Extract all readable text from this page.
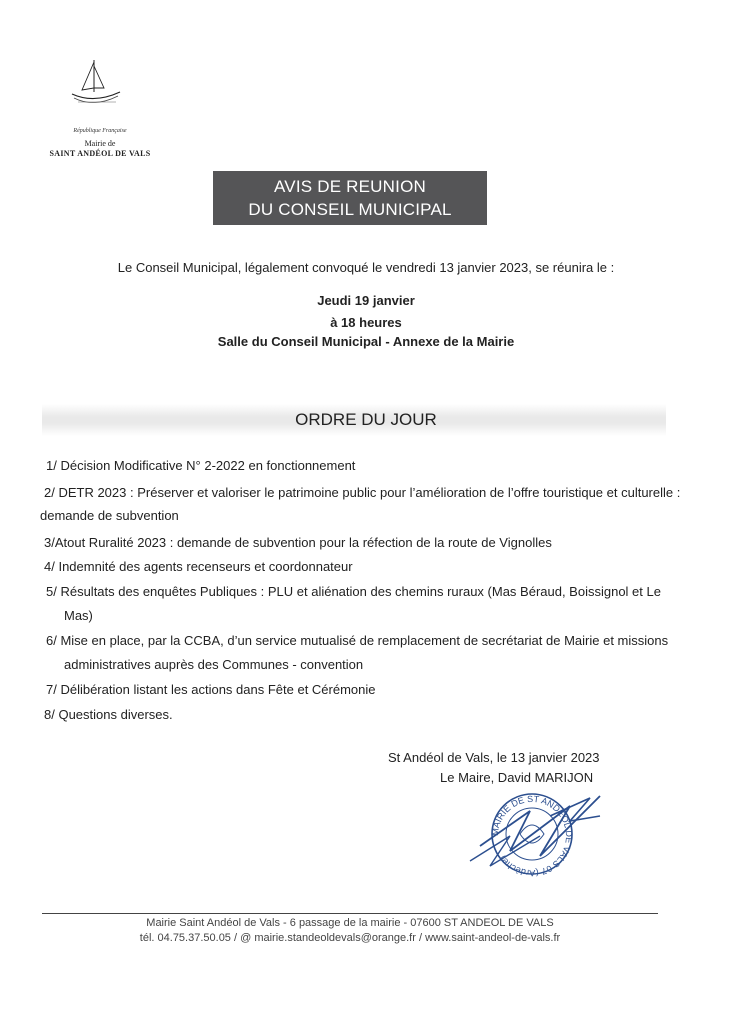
République Française
Mairie de
SAINT ANDÉOL DE VALS
AVIS DE REUNION
DU CONSEIL MUNICIPAL
Le Conseil Municipal, légalement convoqué le vendredi 13 janvier 2023, se réunira le :
Jeudi 19 janvier
à 18 heures
Salle du Conseil Municipal - Annexe de la Mairie
ORDRE DU JOUR
1/ Décision Modificative N° 2-2022 en fonctionnement
2/ DETR 2023 : Préserver et valoriser le patrimoine public pour l’amélioration de l’offre touristique et culturelle :
demande de subvention
3/Atout Ruralité 2023 : demande de subvention pour la réfection de la route de Vignolles
4/ Indemnité des agents recenseurs et coordonnateur
5/ Résultats des enquêtes Publiques : PLU et aliénation des chemins ruraux (Mas Béraud, Boissignol et Le
Mas)
6/ Mise en place, par la CCBA, d’un service mutualisé de remplacement de secrétariat de Mairie et missions
administratives auprès des Communes - convention
7/ Délibération listant les actions dans Fête et Cérémonie
8/ Questions diverses.
St Andéol de Vals, le 13 janvier 2023
Le Maire, David MARIJON
MAIRIE DE ST ANDÉOL DE VALS 07 (Ardèche)
Mairie Saint Andéol de Vals - 6 passage de la mairie - 07600 ST ANDEOL DE VALS
tél. 04.75.37.50.05 / @ mairie.standeoldevals@orange.fr / www.saint-andeol-de-vals.fr
